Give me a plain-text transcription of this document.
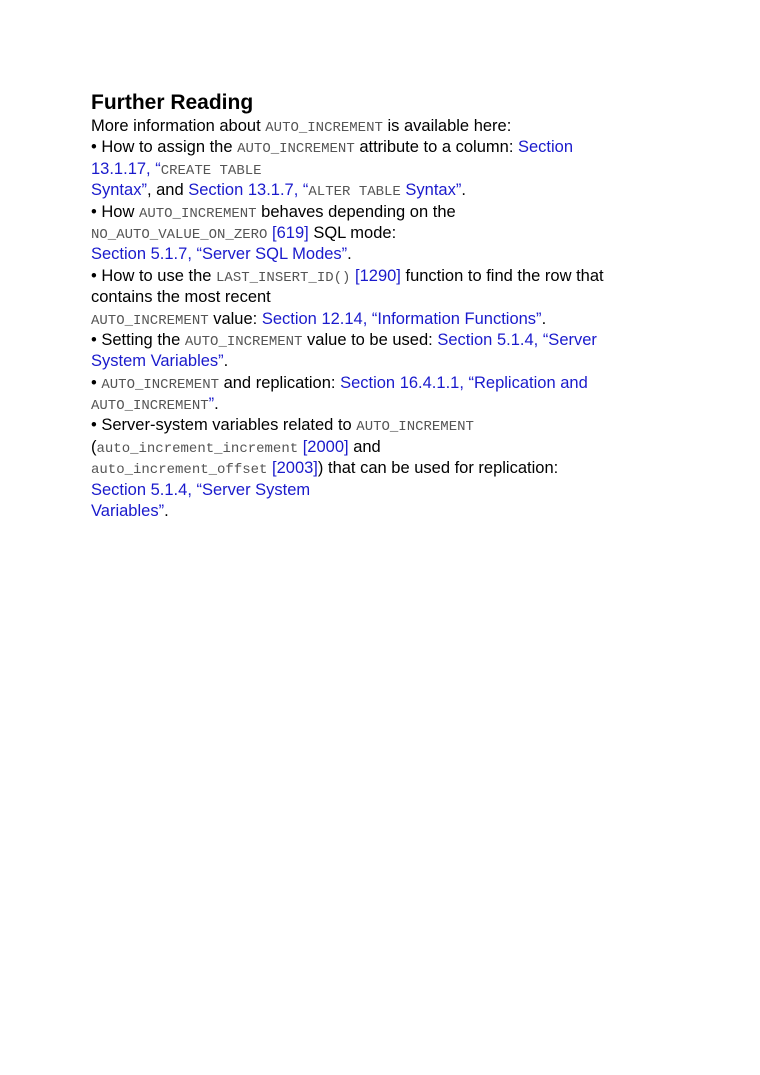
Further Reading
More information about AUTO_INCREMENT is available here:
• How to assign the AUTO_INCREMENT attribute to a column: Section
13.1.17, “CREATE TABLE
Syntax”, and Section 13.1.7, “ALTER TABLE Syntax”.
• How AUTO_INCREMENT behaves depending on the
NO_AUTO_VALUE_ON_ZERO [619] SQL mode:
Section 5.1.7, “Server SQL Modes”.
• How to use the LAST_INSERT_ID() [1290] function to find the row that
contains the most recent
AUTO_INCREMENT value: Section 12.14, “Information Functions”.
• Setting the AUTO_INCREMENT value to be used: Section 5.1.4, “Server
System Variables”.
• AUTO_INCREMENT and replication: Section 16.4.1.1, “Replication and
AUTO_INCREMENT”.
• Server-system variables related to AUTO_INCREMENT
(auto_increment_increment [2000] and
auto_increment_offset [2003]) that can be used for replication:
Section 5.1.4, “Server System
Variables”.
